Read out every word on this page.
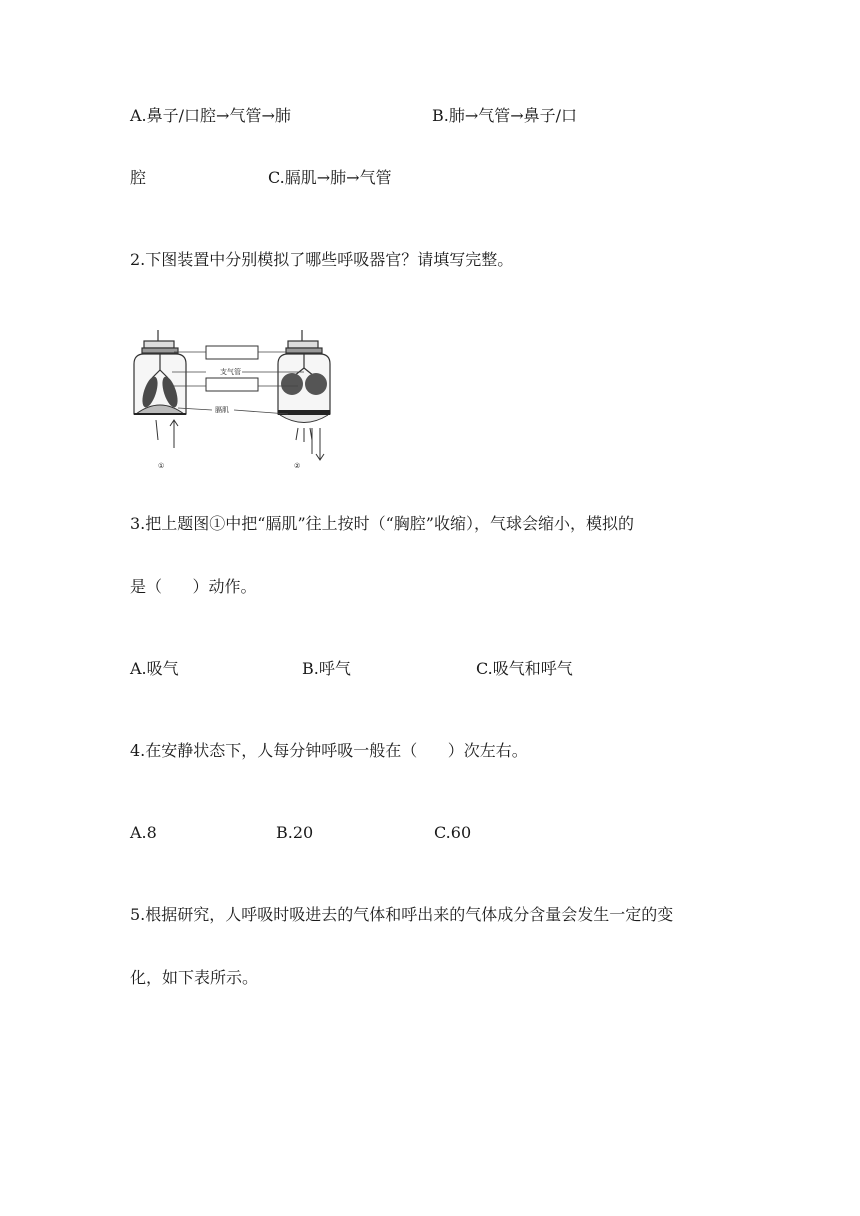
A.鼻子/口腔→气管→肺	B.肺→气管→鼻子/口
腔	C.膈肌→肺→气管
2.下图装置中分别模拟了哪些呼吸器官？请填写完整。
支气管
膈肌
①	②
3.把上题图①中把“膈肌”往上按时（“胸腔”收缩），气球会缩小，模拟的
是（      ）动作。
A.吸气	B.呼气	C.吸气和呼气
4.在安静状态下，人每分钟呼吸一般在（      ）次左右。
A.8	B.20	C.60
5.根据研究，人呼吸时吸进去的气体和呼出来的气体成分含量会发生一定的变
化，如下表所示。
